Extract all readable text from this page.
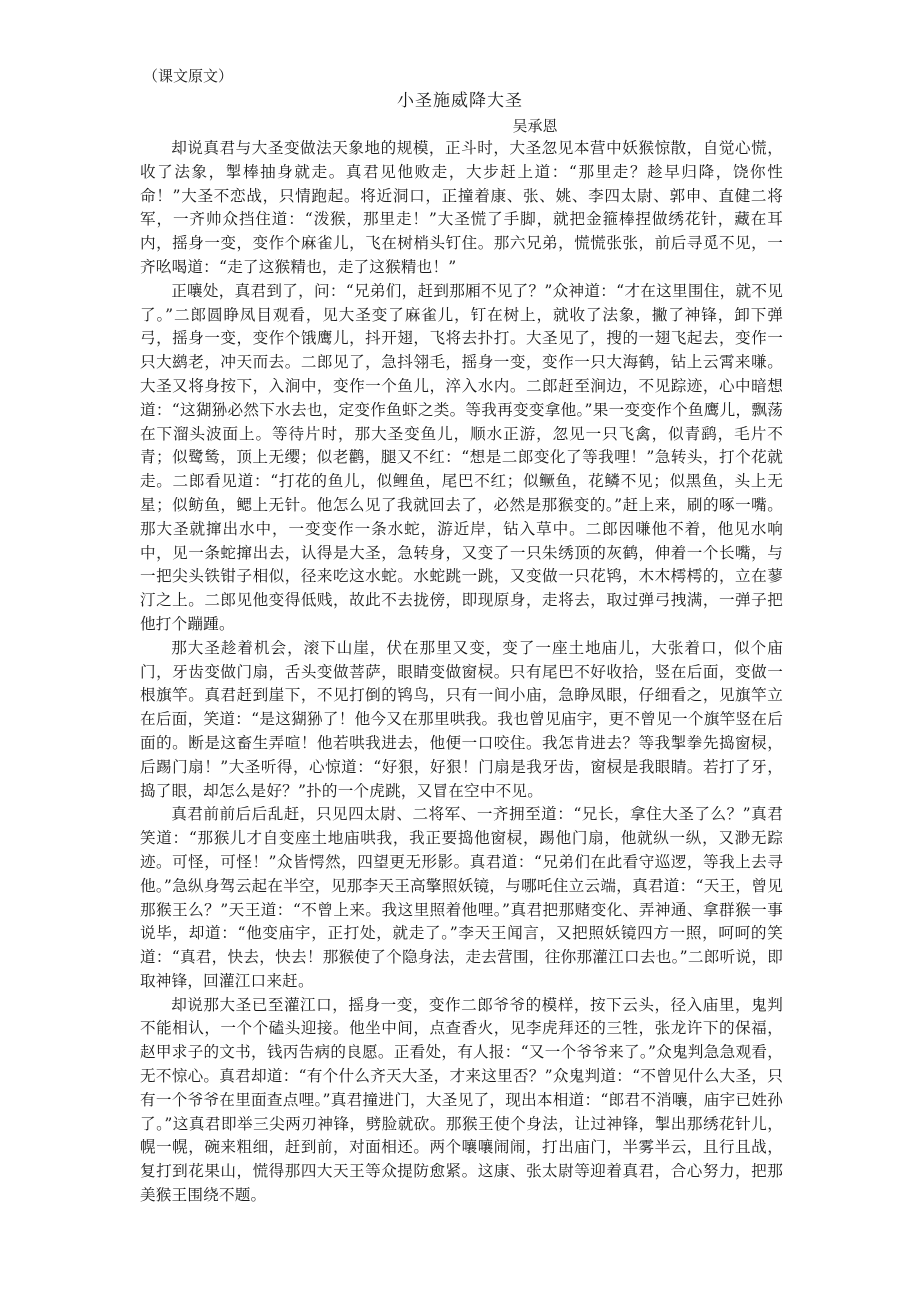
（课文原文）
小圣施威降大圣
吴承恩

却说真君与大圣变做法天象地的规模，正斗时，大圣忽见本营中妖猴惊散，自觉心慌，收了法象，掣棒抽身就走。真君见他败走，大步赶上道：“那里走？趁早归降，饶你性命！”大圣不恋战，只情跑起。将近洞口，正撞着康、张、姚、李四太尉、郭申、直健二将军，一齐帅众挡住道：“泼猴，那里走！”大圣慌了手脚，就把金箍棒捏做绣花针，藏在耳内，摇身一变，变作个麻雀儿，飞在树梢头钉住。那六兄弟，慌慌张张，前后寻觅不见，一齐吆喝道：“走了这猴精也，走了这猴精也！”

正嚷处，真君到了，问：“兄弟们，赶到那厢不见了？”众神道：“才在这里围住，就不见了。”二郎圆睁凤目观看，见大圣变了麻雀儿，钉在树上，就收了法象，撇了神锋，卸下弹弓，摇身一变，变作个饿鹰儿，抖开翅，飞将去扑打。大圣见了，搜的一翅飞起去，变作一只大鹚老，冲天而去。二郎见了，急抖翎毛，摇身一变，变作一只大海鹤，钻上云霄来嗛。大圣又将身按下，入涧中，变作一个鱼儿，淬入水内。二郎赶至涧边，不见踪迹，心中暗想道：“这猢狲必然下水去也，定变作鱼虾之类。等我再变变拿他。”果一变变作个鱼鹰儿，飘荡在下溜头波面上。等待片时，那大圣变鱼儿，顺水正游，忽见一只飞禽，似青鹞，毛片不青；似鹭鸶，顶上无缨；似老鹳，腿又不红：“想是二郎变化了等我哩！”急转头，打个花就走。二郎看见道：“打花的鱼儿，似鲤鱼，尾巴不红；似鳜鱼，花鳞不见；似黑鱼，头上无星；似鲂鱼，鳃上无针。他怎么见了我就回去了，必然是那猴变的。”赶上来，刷的啄一嘴。那大圣就撺出水中，一变变作一条水蛇，游近岸，钻入草中。二郎因嗛他不着，他见水响中，见一条蛇撺出去，认得是大圣，急转身，又变了一只朱绣顶的灰鹤，伸着一个长嘴，与一把尖头铁钳子相似，径来吃这水蛇。水蛇跳一跳，又变做一只花鸨，木木樗樗的，立在蓼汀之上。二郎见他变得低贱，故此不去拢傍，即现原身，走将去，取过弹弓拽满，一弹子把他打个蹦踵。

那大圣趁着机会，滚下山崖，伏在那里又变，变了一座土地庙儿，大张着口，似个庙门，牙齿变做门扇，舌头变做菩萨，眼睛变做窗棂。只有尾巴不好收拾，竖在后面，变做一根旗竿。真君赶到崖下，不见打倒的鸨鸟，只有一间小庙，急睁凤眼，仔细看之，见旗竿立在后面，笑道：“是这猢狲了！他今又在那里哄我。我也曾见庙宇，更不曾见一个旗竿竖在后面的。断是这畜生弄喧！他若哄我进去，他便一口咬住。我怎肯进去？等我掣拳先捣窗棂，后踢门扇！”大圣听得，心惊道：“好狠，好狠！门扇是我牙齿，窗棂是我眼睛。若打了牙，捣了眼，却怎么是好？”扑的一个虎跳，又冒在空中不见。

真君前前后后乱赶，只见四太尉、二将军、一齐拥至道：“兄长，拿住大圣了么？”真君笑道：“那猴儿才自变座土地庙哄我，我正要捣他窗棂，踢他门扇，他就纵一纵，又渺无踪迹。可怪，可怪！”众皆愕然，四望更无形影。真君道：“兄弟们在此看守巡逻，等我上去寻他。”急纵身驾云起在半空，见那李天王高擎照妖镜，与哪吒住立云端，真君道：“天王，曾见那猴王么？”天王道：“不曾上来。我这里照着他哩。”真君把那赌变化、弄神通、拿群猴一事说毕，却道：“他变庙宇，正打处，就走了。”李天王闻言，又把照妖镜四方一照，呵呵的笑道：“真君，快去，快去！那猴使了个隐身法，走去营围，往你那灌江口去也。”二郎听说，即取神锋，回灌江口来赶。

却说那大圣已至灌江口，摇身一变，变作二郎爷爷的模样，按下云头，径入庙里，鬼判不能相认，一个个磕头迎接。他坐中间，点查香火，见李虎拜还的三牲，张龙许下的保福，赵甲求子的文书，钱丙告病的良愿。正看处，有人报：“又一个爷爷来了。”众鬼判急急观看，无不惊心。真君却道：“有个什么齐天大圣，才来这里否？”众鬼判道：“不曾见什么大圣，只有一个爷爷在里面查点哩。”真君撞进门，大圣见了，现出本相道：“郎君不消嚷，庙宇已姓孙了。”这真君即举三尖两刃神锋，劈脸就砍。那猴王使个身法，让过神锋，掣出那绣花针儿，幌一幌，碗来粗细，赶到前，对面相还。两个嚷嚷闹闹，打出庙门，半雾半云，且行且战，复打到花果山，慌得那四大天王等众提防愈紧。这康、张太尉等迎着真君，合心努力，把那美猴王围绕不题。
